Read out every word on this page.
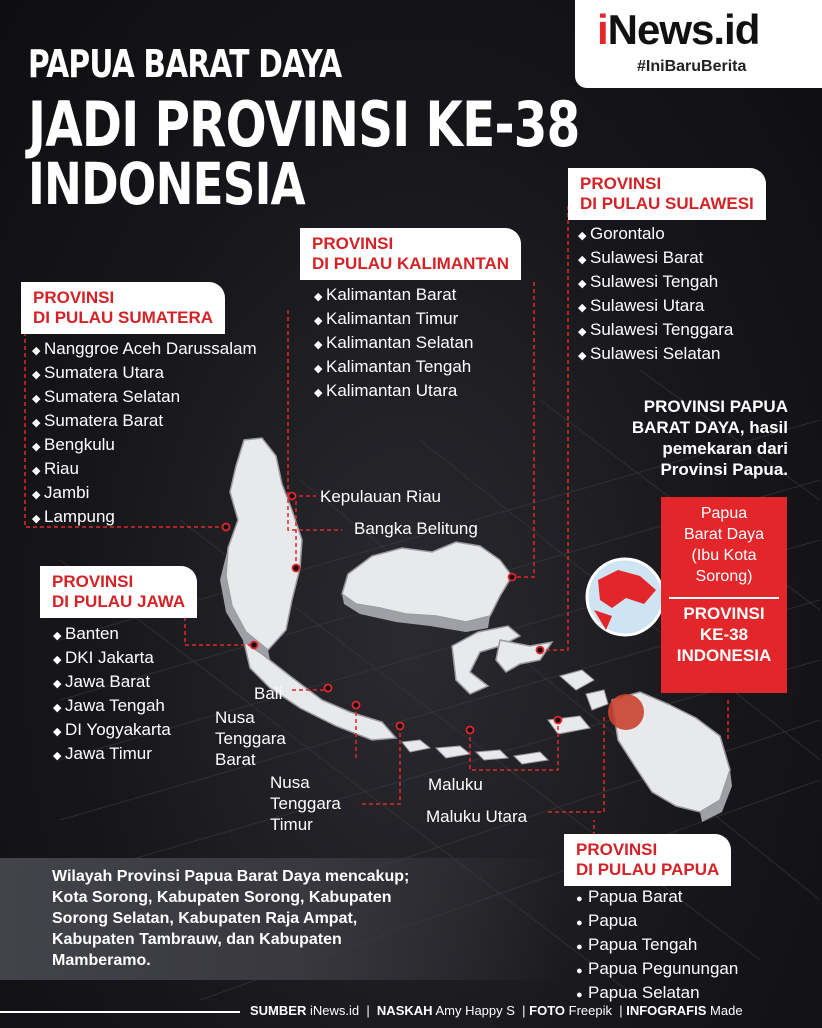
iNews.id
#IniBaruBerita
PAPUA BARAT DAYA
JADI PROVINSI KE-38
INDONESIA	PROVINSI
DI PULAU SULAWESI
◆ Gorontalo
◆ Sulawesi Barat
◆ Sulawesi Tengah
◆ Sulawesi Utara
◆ Sulawesi Tenggara
◆ Sulawesi Selatan
PROVINSI
DI PULAU KALIMANTAN
◆ Kalimantan Barat
◆ Kalimantan Timur
◆ Kalimantan Selatan
◆ Kalimantan Tengah
◆ Kalimantan Utara
PROVINSI
DI PULAU SUMATERA
◆ Nanggroe Aceh Darussalam
◆ Sumatera Utara
◆ Sumatera Selatan
◆ Sumatera Barat
◆ Bengkulu
◆ Riau
◆ Jambi
◆ Lampung
PROVINSI
DI PULAU JAWA
◆ Banten
◆ DKI Jakarta
◆ Jawa Barat
◆ Jawa Tengah
◆ DI Yogyakarta
◆ Jawa Timur
Kepulauan Riau
Bangka Belitung
Bali
Nusa
Tenggara
Barat
Nusa
Tenggara
Timur
Maluku
Maluku Utara
PROVINSI PAPUA
BARAT DAYA, hasil
pemekaran dari
Provinsi Papua.
Papua
Barat Daya
(Ibu Kota
Sorong)
PROVINSI
KE-38
INDONESIA
Wilayah Provinsi Papua Barat Daya mencakup;
Kota Sorong, Kabupaten Sorong, Kabupaten
Sorong Selatan, Kabupaten Raja Ampat,
Kabupaten Tambrauw, dan Kabupaten
Mamberamo.
PROVINSI
DI PULAU PAPUA
● Papua Barat
● Papua
● Papua Tengah
● Papua Pegunungan
● Papua Selatan
SUMBER iNews.id  |  NASKAH Amy Happy S  | FOTO Freepik  | INFOGRAFIS Made
